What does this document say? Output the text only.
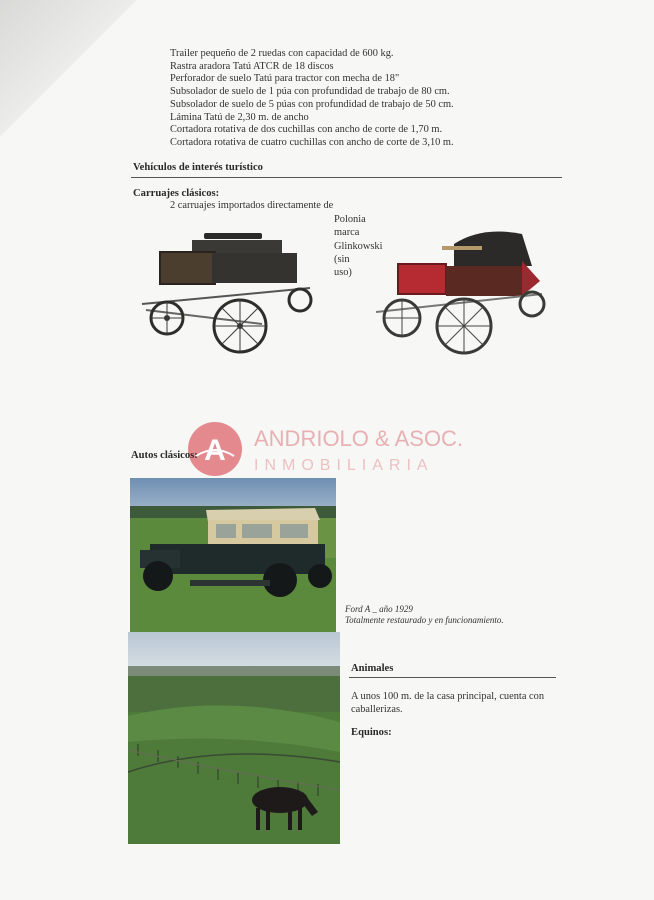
Trailer pequeño de 2 ruedas con capacidad de 600 kg.
Rastra aradora Tatú ATCR de 18 discos
Perforador de suelo Tatú para tractor con mecha de 18"
Subsolador de suelo de 1 púa con profundidad de trabajo de 80 cm.
Subsolador de suelo de 5 púas con profundidad de trabajo de 50 cm.
Lámina Tatú de 2,30 m. de ancho
Cortadora rotativa de dos cuchillas con ancho de corte de 1,70 m.
Cortadora rotativa de cuatro cuchillas con ancho de corte de 3,10 m.
Vehículos de interés turístico
Carruajes clásicos:
2 carruajes importados directamente de
Polonia marca Glinkowski (sin uso)
A ANDRIOLO & ASOC.
INMOBILIARIA
Autos clásicos:
Ford A _ año 1929
Totalmente restaurado y en funcionamiento.
Animales
A unos 100 m. de la casa principal, cuenta con caballerizas.
Equinos:
